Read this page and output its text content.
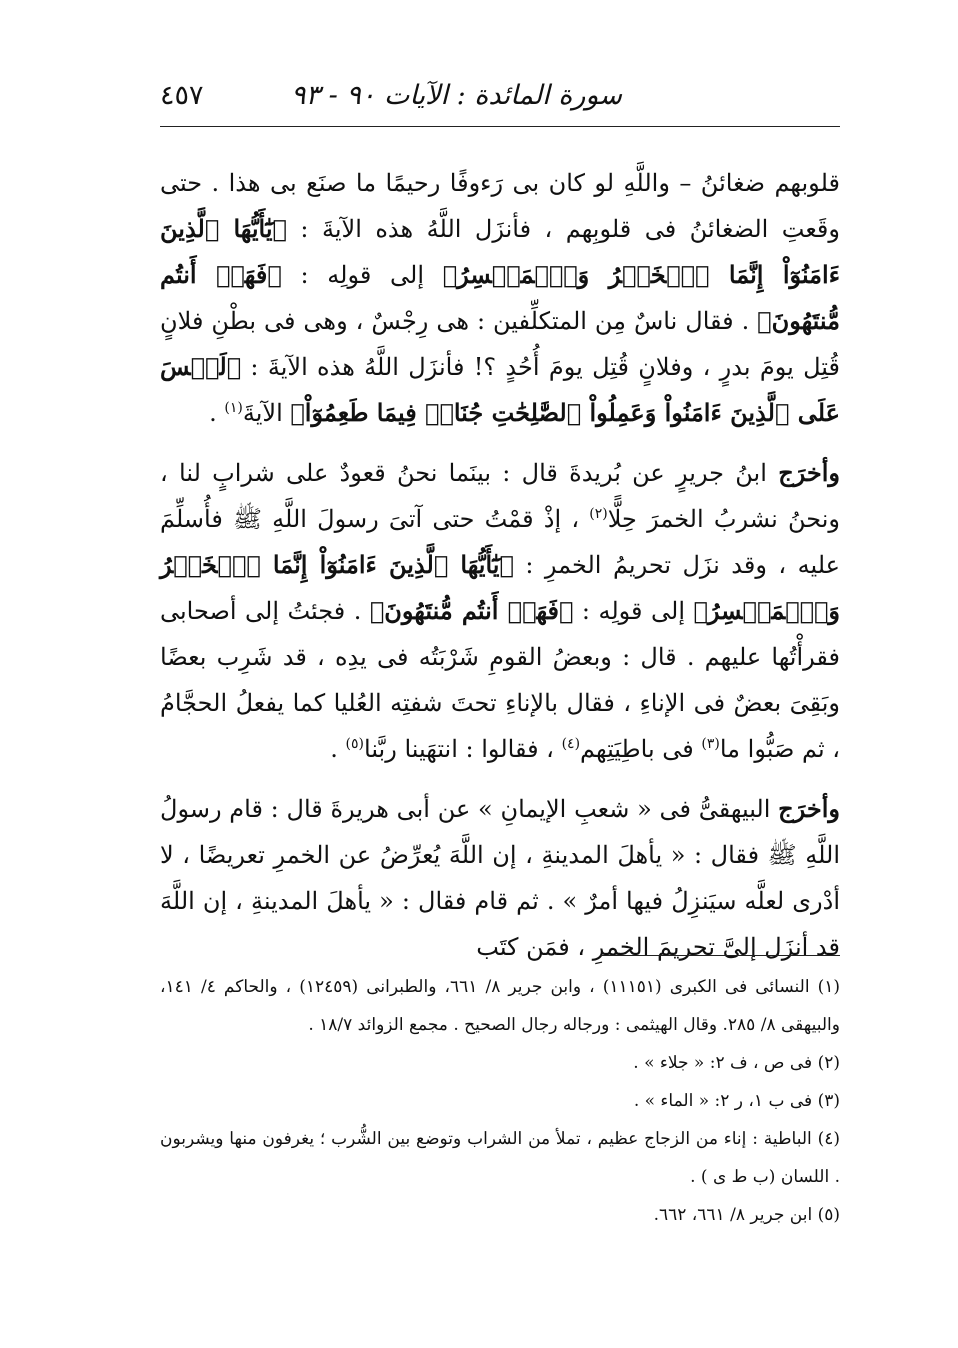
سورة المائدة : الآيات ٩٠ - ٩٣
٤٥٧

قلوبهم ضغائنُ – واللَّهِ لو كان بى رَءوفًا رحيمًا ما صنَع بى هذا . حتى وقَعتِ الضغائنُ فى قلوبِهم ، فأنزَل اللَّهُ هذه الآيةَ : ﴿يَٰٓأَيُّهَا ٱلَّذِينَ ءَامَنُوٓاْ إِنَّمَا ٱلۡخَمۡرُ وَٱلۡمَيۡسِرُ﴾ إلى قولِه : ﴿فَهَلۡ أَنتُم مُّنتَهُونَ﴾ . فقال ناسٌ مِن المتكلِّفين : هى رِجْسٌ ، وهى فى بطْنِ فلانٍ قُتِل يومَ بدرٍ ، وفلانٍ قُتِل يومَ أُحُدٍ ؟! فأنزَل اللَّهُ هذه الآيةَ : ﴿لَيۡسَ عَلَى ٱلَّذِينَ ءَامَنُواْ وَعَمِلُواْ ٱلصَّٰلِحَٰتِ جُنَاحٞ فِيمَا طَعِمُوٓاْ﴾ الآيةَ$^{(١)}$ .

وأخرَج ابنُ جريرٍ عن بُريدةَ قال : بينَما نحنُ قعودٌ على شرابٍ لنا ، ونحنُ نشربُ الخمرَ حِلًّا$^{(٢)}$ ، إذْ قمْتُ حتى آتىَ رسولَ اللَّهِ ﷺ فأُسلِّمَ عليه ، وقد نزَل تحريمُ الخمرِ : ﴿يَٰٓأَيُّهَا ٱلَّذِينَ ءَامَنُوٓاْ إِنَّمَا ٱلۡخَمۡرُ وَٱلۡمَيۡسِرُ﴾ إلى قولِه : ﴿فَهَلۡ أَنتُم مُّنتَهُونَ﴾ . فجئتُ إلى أصحابى فقرأْتُها عليهم . قال : وبعضُ القومِ شَرْبَتُه فى يدِه ، قد شَرِب بعضًا وبَقِىَ بعضٌ فى الإناءِ ، فقال بالإناءِ تحتَ شفتِه العُليا كما يفعلُ الحجَّامُ ، ثم صَبُّوا ما$^{(٣)}$ فى باطِيَتِهم$^{(٤)}$ ، فقالوا : انتهَينا ربَّنا$^{(٥)}$ .

وأخرَج البيهقىُّ فى « شعبِ الإيمانِ » عن أبى هريرةَ قال : قام رسولُ اللَّهِ ﷺ فقال : « يأهلَ المدينةِ ، إن اللَّهَ يُعرِّضُ عن الخمرِ تعريضًا ، لا أدْرى لعلَّه سيَنزِلُ فيها أمرٌ » . ثم قام فقال : « يأهلَ المدينةِ ، إن اللَّهَ قد أنزَل إلىَّ تحريمَ الخمرِ ، فمَن كتَب

(١) النسائى فى الكبرى (١١١٥١) ، وابن جرير ٨/ ٦٦١، والطبرانى (١٢٤٥٩) ، والحاكم ٤/ ١٤١، والبيهقى ٨/ ٢٨٥. وقال الهيثمى : ورجاله رجال الصحيح . مجمع الزوائد ١٨/٧ .

(٢) فى ص ، ف ٢: « جلاء » .

(٣) فى ب ١، ر ٢: « الماء » .

(٤) الباطية : إناء من الزجاج عظيم ، تملأ من الشراب وتوضع بين الشُّرب ؛ يغرفون منها ويشربون . اللسان (ب ط ى ) .

(٥) ابن جرير ٨/ ٦٦١، ٦٦٢.
